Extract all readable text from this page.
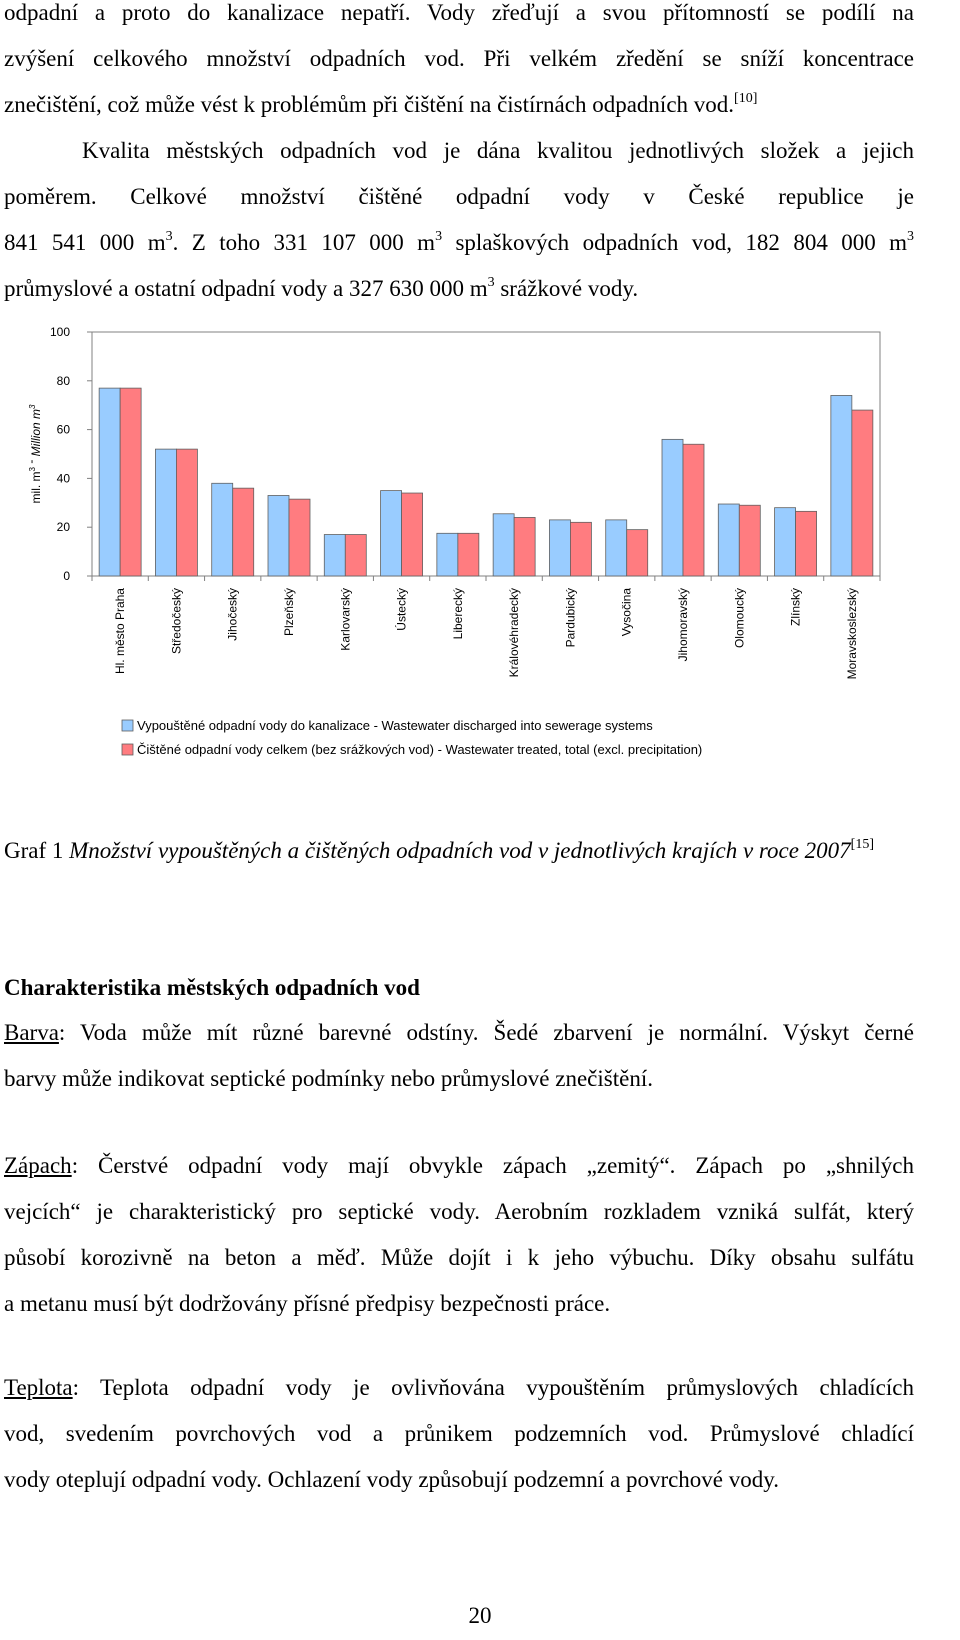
odpadní a proto do kanalizace nepatří. Vody zřeďují a svou přítomností se podílí na

zvýšení celkového množství odpadních vod. Při velkém zředění se sníží koncentrace

znečištění, což může vést k problémům při čištění na čistírnách odpadních vod.[10]

Kvalita městských odpadních vod je dána kvalitou jednotlivých složek a jejich

poměrem. Celkové množství čištěné odpadní vody v České republice je

841 541 000 $m^3$. Z toho 331 107 000 $m^3$ splaškových odpadních vod, 182 804 000 $m^3$

průmyslové a ostatní odpadní vody a 327 630 000 $m^3$ srážkové vody.

0
20
40
60
80
100
mil. $m^3$ - Million $m^3$
Hl. město Praha	Středočeský	Jihočeský	Plzeňský	Karlovarský	Ústecký	Liberecký	Královéhradecký	Pardubický	Vysočina	Jihomoravský	Olomoucký	Zlínský	Moravskoslezský
Vypouštěné odpadní vody do kanalizace - Wastewater discharged into sewerage systems
Čištěné odpadní vody celkem (bez srážkových vod) - Wastewater treated, total (excl. precipitation)
Graf 1 Množství vypouštěných a čištěných odpadních vod v jednotlivých krajích v roce 2007[15]
Charakteristika městských odpadních vod

Barva: Voda může mít různé barevné odstíny. Šedé zbarvení je normální. Výskyt černé

barvy může indikovat septické podmínky nebo průmyslové znečištění.

Zápach: Čerstvé odpadní vody mají obvykle zápach „zemitý“. Zápach po „shnilých

vejcích“ je charakteristický pro septické vody. Aerobním rozkladem vzniká sulfát, který

působí korozivně na beton a měď. Může dojít i k jeho výbuchu. Díky obsahu sulfátu

a metanu musí být dodržovány přísné předpisy bezpečnosti práce.

Teplota: Teplota odpadní vody je ovlivňována vypouštěním průmyslových chladících

vod, svedením povrchových vod a průnikem podzemních vod. Průmyslové chladící

vody oteplují odpadní vody. Ochlazení vody způsobují podzemní a povrchové vody.

20
